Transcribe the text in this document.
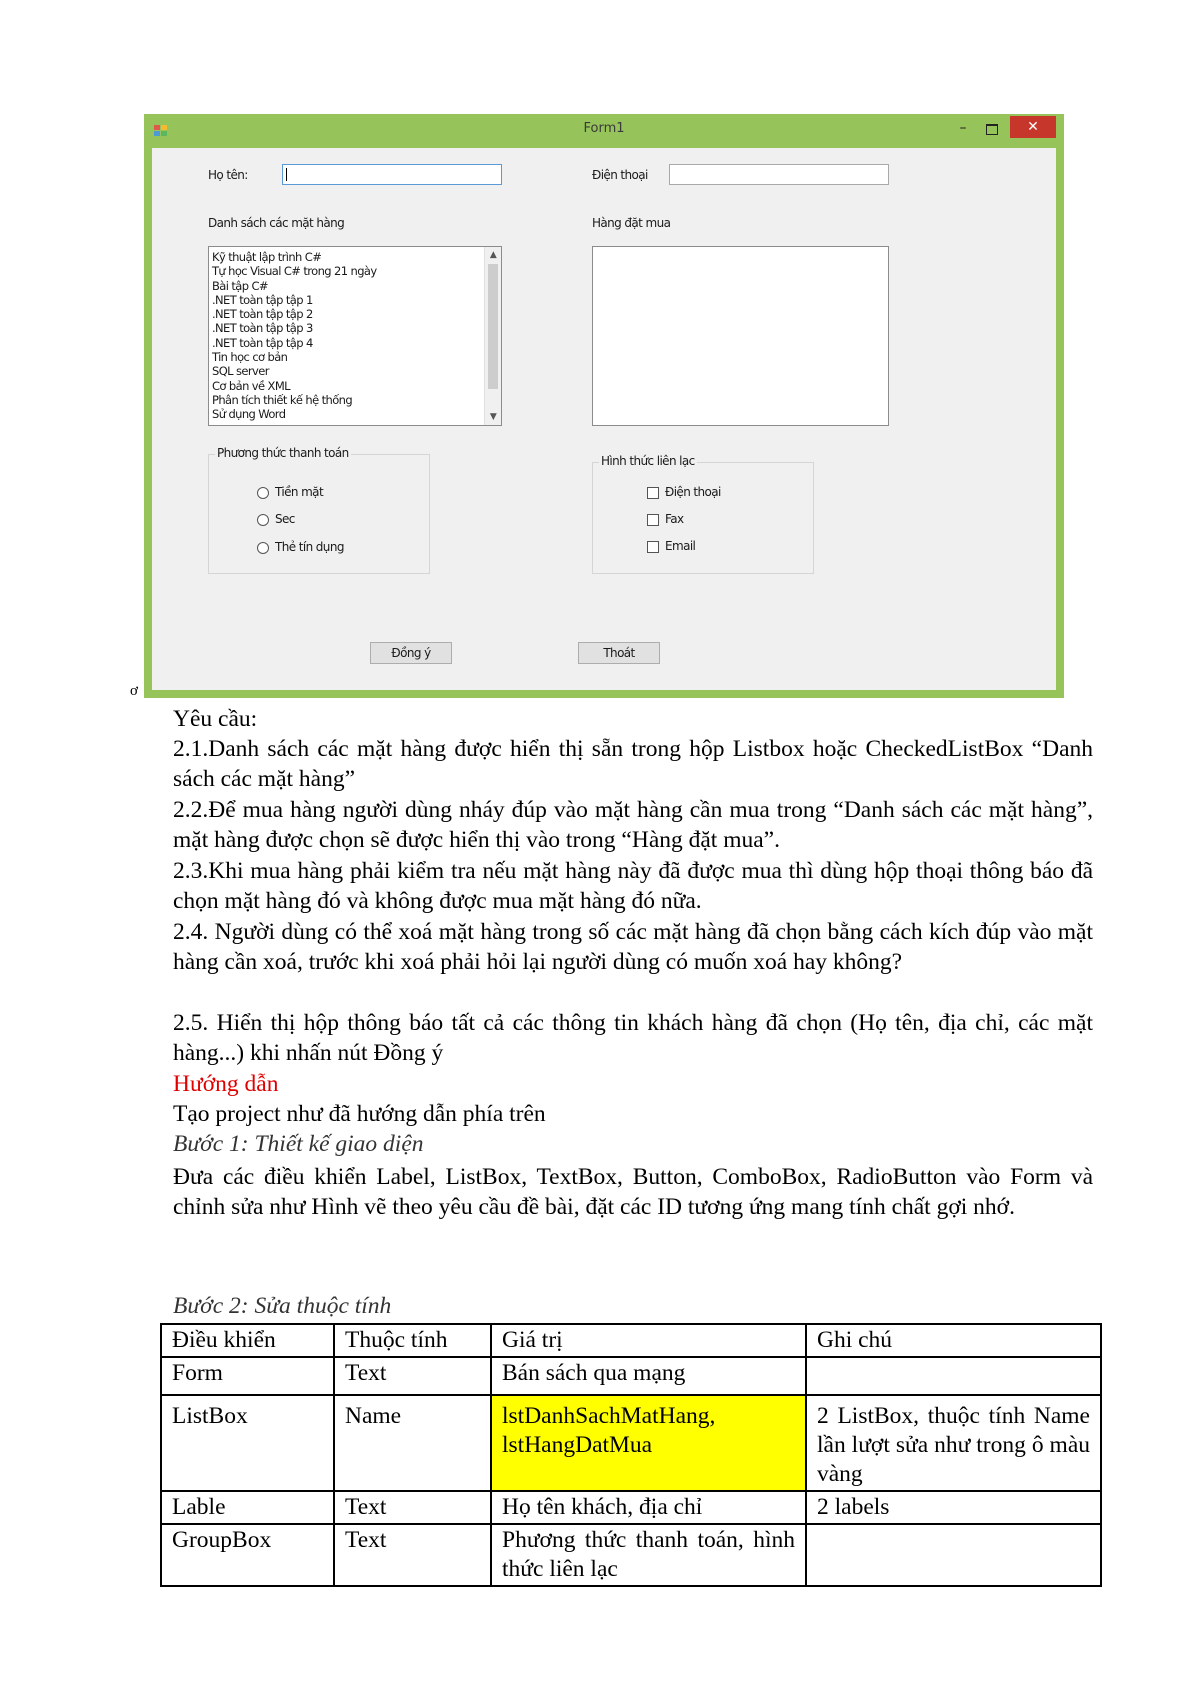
Form1	–	✕
Họ tên:	Điện thoại
Danh sách các mặt hàng	Hàng đặt mua
Kỹ thuật lập trình C#
Tự học Visual C# trong 21 ngày
Bài tập C#
.NET toàn tập tập 1
.NET toàn tập tập 2
.NET toàn tập tập 3
.NET toàn tập tập 4
Tin học cơ bản
SQL server
Cơ bản về XML
Phân tích thiết kế hệ thống
Sử dụng Word
▲
▼
Phương thức thanh toán
Tiền mặt
Sec
Thẻ tín dụng
Hình thức liên lạc
Điện thoại
Fax
Email
Đồng ý	Thoát
ơ
Yêu cầu:
2.1.Danh sách các mặt hàng được hiển thị sẵn trong hộp Listbox hoặc CheckedListBox “Danh sách các mặt hàng”
2.2.Để mua hàng người dùng nháy đúp vào mặt hàng cần mua trong “Danh sách các mặt hàng”, mặt hàng được chọn sẽ được hiển thị vào trong “Hàng đặt mua”.
2.3.Khi mua hàng phải kiểm tra nếu mặt hàng này đã được mua thì dùng hộp thoại thông báo đã chọn mặt hàng đó và không được mua mặt hàng đó nữa.
2.4. Người dùng có thể xoá mặt hàng trong số các mặt hàng đã chọn bằng cách kích đúp vào mặt hàng cần xoá, trước khi xoá phải hỏi lại người dùng có muốn xoá hay không?
2.5. Hiển thị hộp thông báo tất cả các thông tin khách hàng đã chọn (Họ tên, địa chỉ, các mặt hàng...) khi nhấn nút Đồng ý
Hướng dẫn
Tạo project như đã hướng dẫn phía trên
Bước 1: Thiết kế giao diện
Đưa các điều khiển Label, ListBox, TextBox, Button, ComboBox, RadioButton vào Form và chỉnh sửa như Hình vẽ theo yêu cầu đề bài, đặt các ID tương ứng mang tính chất gợi nhớ.
Bước 2: Sửa thuộc tính
Điều khiển	Thuộc tính	Giá trị	Ghi chú
Form	Text	Bán sách qua mạng	
ListBox	Name	lstDanhSachMatHang, lstHangDatMua	2 ListBox, thuộc tính Name lần lượt sửa như trong ô màu vàng
Lable	Text	Họ tên khách, địa chỉ	2 labels
GroupBox	Text	Phương thức thanh toán, hình thức liên lạc	
